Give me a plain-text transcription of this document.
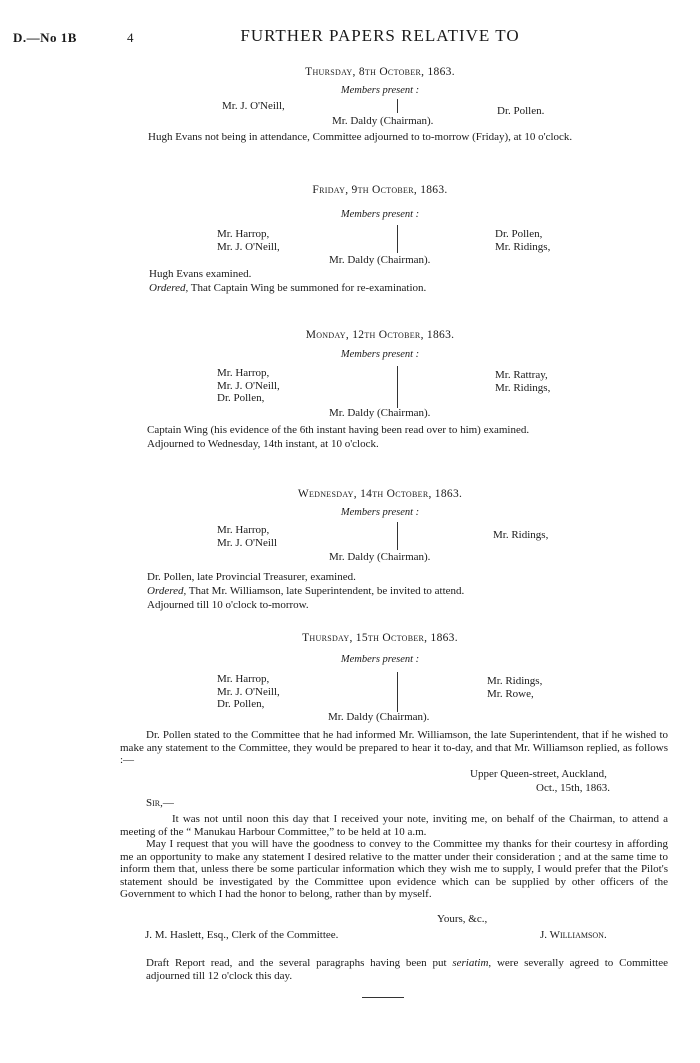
D.—No 1B	4	FURTHER PAPERS RELATIVE TO
Thursday, 8th October, 1863.
Members present :
Mr. J. O'Neill,	Dr. Pollen.
Mr. Daldy (Chairman).
Hugh Evans not being in attendance, Committee adjourned to to-morrow (Friday), at 10 o'clock.
Friday, 9th October, 1863.
Members present :
Mr. Harrop,
Mr. J. O'Neill,
Dr. Pollen,
Mr. Ridings,
Mr. Daldy (Chairman).
Hugh Evans examined.
Ordered, That Captain Wing be summoned for re-examination.
Monday, 12th October, 1863.
Members present :
Mr. Harrop,
Mr. J. O'Neill,
Dr. Pollen,
Mr. Rattray,
Mr. Ridings,
Mr. Daldy (Chairman).
Captain Wing (his evidence of the 6th instant having been read over to him) examined.
Adjourned to Wednesday, 14th instant, at 10 o'clock.
Wednesday, 14th October, 1863.
Members present :
Mr. Harrop,
Mr. J. O'Neill
Mr. Ridings,
Mr. Daldy (Chairman).
Dr. Pollen, late Provincial Treasurer, examined.
Ordered, That Mr. Williamson, late Superintendent, be invited to attend.
Adjourned till 10 o'clock to-morrow.
Thursday, 15th October, 1863.
Members present :
Mr. Harrop,
Mr. J. O'Neill,
Dr. Pollen,
Mr. Ridings,
Mr. Rowe,
Mr. Daldy (Chairman).
Dr. Pollen stated to the Committee that he had informed Mr. Williamson, the late Superintendent, that if he wished to make any statement to the Committee, they would be prepared to hear it to-day, and that Mr. Williamson replied, as follows :—
Upper Queen-street, Auckland,
Oct., 15th, 1863.
Sir,—
It was not until noon this day that I received your note, inviting me, on behalf of the Chairman, to attend a meeting of the “ Manukau Harbour Committee,” to be held at 10 a.m.
May I request that you will have the goodness to convey to the Committee my thanks for their courtesy in affording me an opportunity to make any statement I desired relative to the matter under their consideration ; and at the same time to inform them that, unless there be some particular information which they wish me to supply, I would prefer that the Pilot's statement should be investigated by the Committee upon evidence which can be supplied by other officers of the Government to which I had the honor to belong, rather than by myself.
Yours, &c.,
J. M. Haslett, Esq., Clerk of the Committee.	J. Williamson.
Draft Report read, and the several paragraphs having been put seriatim, were severally agreed to Committee adjourned till 12 o'clock this day.
